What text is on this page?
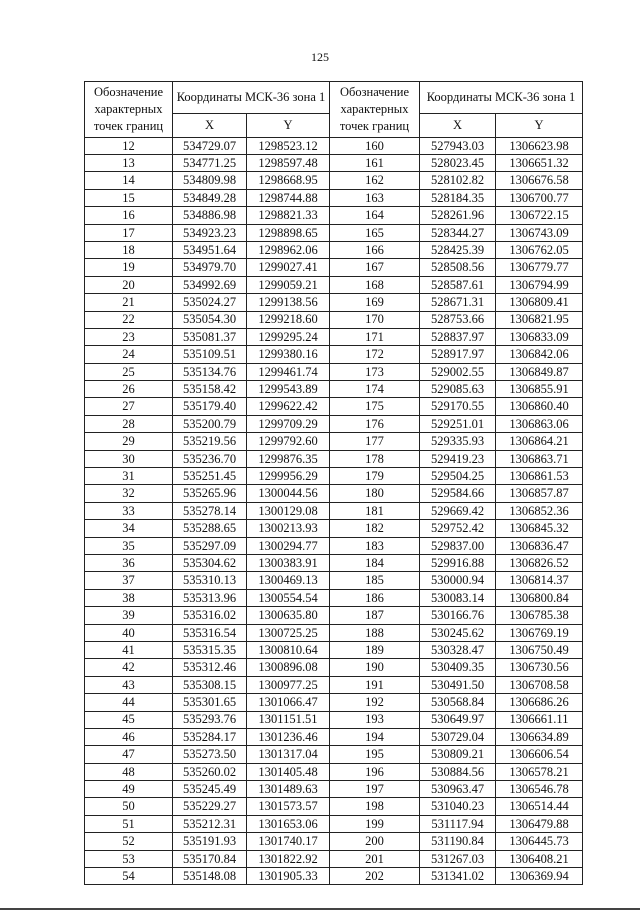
125
Обозначение характерных точек границ	Координаты МСК-36 зона 1		Обозначение характерных точек границ	Координаты МСК-36 зона 1	
	X	Y		X	Y
12	534729.07	1298523.12	160	527943.03	1306623.98
13	534771.25	1298597.48	161	528023.45	1306651.32
14	534809.98	1298668.95	162	528102.82	1306676.58
15	534849.28	1298744.88	163	528184.35	1306700.77
16	534886.98	1298821.33	164	528261.96	1306722.15
17	534923.23	1298898.65	165	528344.27	1306743.09
18	534951.64	1298962.06	166	528425.39	1306762.05
19	534979.70	1299027.41	167	528508.56	1306779.77
20	534992.69	1299059.21	168	528587.61	1306794.99
21	535024.27	1299138.56	169	528671.31	1306809.41
22	535054.30	1299218.60	170	528753.66	1306821.95
23	535081.37	1299295.24	171	528837.97	1306833.09
24	535109.51	1299380.16	172	528917.97	1306842.06
25	535134.76	1299461.74	173	529002.55	1306849.87
26	535158.42	1299543.89	174	529085.63	1306855.91
27	535179.40	1299622.42	175	529170.55	1306860.40
28	535200.79	1299709.29	176	529251.01	1306863.06
29	535219.56	1299792.60	177	529335.93	1306864.21
30	535236.70	1299876.35	178	529419.23	1306863.71
31	535251.45	1299956.29	179	529504.25	1306861.53
32	535265.96	1300044.56	180	529584.66	1306857.87
33	535278.14	1300129.08	181	529669.42	1306852.36
34	535288.65	1300213.93	182	529752.42	1306845.32
35	535297.09	1300294.77	183	529837.00	1306836.47
36	535304.62	1300383.91	184	529916.88	1306826.52
37	535310.13	1300469.13	185	530000.94	1306814.37
38	535313.96	1300554.54	186	530083.14	1306800.84
39	535316.02	1300635.80	187	530166.76	1306785.38
40	535316.54	1300725.25	188	530245.62	1306769.19
41	535315.35	1300810.64	189	530328.47	1306750.49
42	535312.46	1300896.08	190	530409.35	1306730.56
43	535308.15	1300977.25	191	530491.50	1306708.58
44	535301.65	1301066.47	192	530568.84	1306686.26
45	535293.76	1301151.51	193	530649.97	1306661.11
46	535284.17	1301236.46	194	530729.04	1306634.89
47	535273.50	1301317.04	195	530809.21	1306606.54
48	535260.02	1301405.48	196	530884.56	1306578.21
49	535245.49	1301489.63	197	530963.47	1306546.78
50	535229.27	1301573.57	198	531040.23	1306514.44
51	535212.31	1301653.06	199	531117.94	1306479.88
52	535191.93	1301740.17	200	531190.84	1306445.73
53	535170.84	1301822.92	201	531267.03	1306408.21
54	535148.08	1301905.33	202	531341.02	1306369.94
